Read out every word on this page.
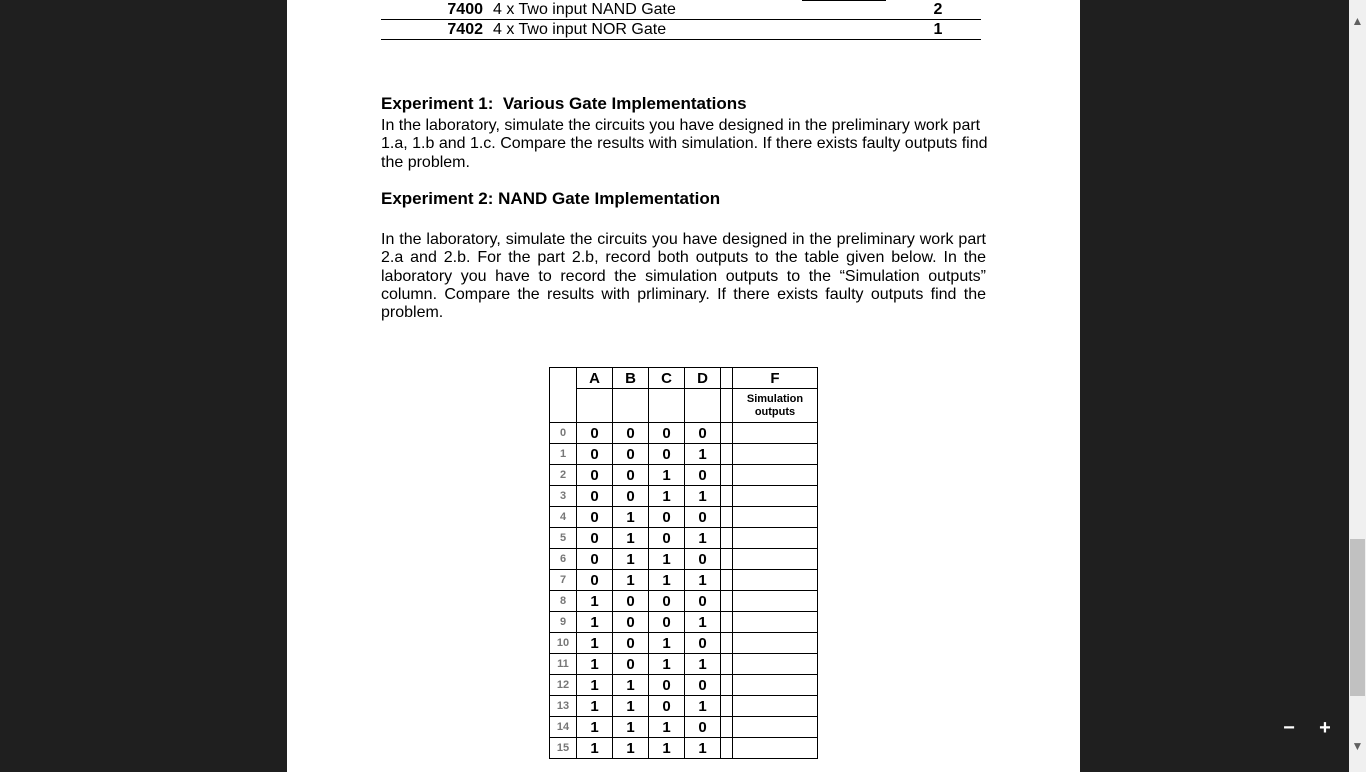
7400 4 x Two input NAND Gate	2
7402 4 x Two input NOR Gate	1
Experiment 1:  Various Gate Implementations
In the laboratory, simulate the circuits you have designed in the preliminary work part 1.a, 1.b and 1.c. Compare the results with simulation. If there exists faulty outputs find the problem.
Experiment 2: NAND Gate Implementation
In the laboratory, simulate the circuits you have designed in the preliminary work part 2.a and 2.b. For the part 2.b, record both outputs to the table given below. In the laboratory you have to record the simulation outputs to the “Simulation outputs” column. Compare the results with prliminary. If there exists faulty outputs find the problem.
	A	B	C	D		F

						Simulation outputs

0	0	0	0	0		
1	0	0	0	1		
2	0	0	1	0		
3	0	0	1	1		
4	0	1	0	0		
5	0	1	0	1		
6	0	1	1	0		
7	0	1	1	1		
8	1	0	0	0		
9	1	0	0	1		
10	1	0	1	0		
11	1	0	1	1		
12	1	1	0	0		
13	1	1	0	1		
14	1	1	1	0		
15	1	1	1	1		
▲
▼
−	+
